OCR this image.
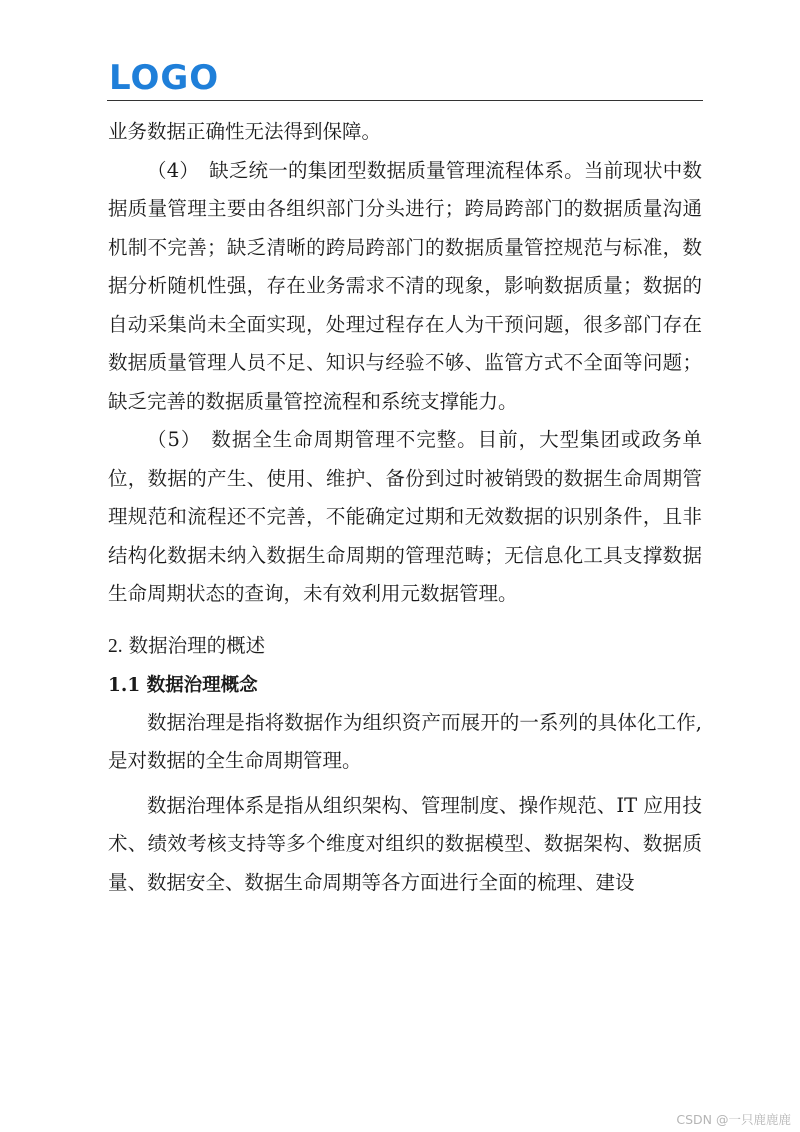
LOGO

业务数据正确性无法得到保障。

（4） 缺乏统一的集团型数据质量管理流程体系。当前现状中数据质量管理主要由各组织部门分头进行；跨局跨部门的数据质量沟通机制不完善；缺乏清晰的跨局跨部门的数据质量管控规范与标准，数据分析随机性强，存在业务需求不清的现象，影响数据质量；数据的自动采集尚未全面实现，处理过程存在人为干预问题，很多部门存在数据质量管理人员不足、知识与经验不够、监管方式不全面等问题；缺乏完善的数据质量管控流程和系统支撑能力。

（5） 数据全生命周期管理不完整。目前，大型集团或政务单位，数据的产生、使用、维护、备份到过时被销毁的数据生命周期管理规范和流程还不完善，不能确定过期和无效数据的识别条件，且非结构化数据未纳入数据生命周期的管理范畴；无信息化工具支撑数据生命周期状态的查询，未有效利用元数据管理。

2. 数据治理的概述
1.1 数据治理概念

数据治理是指将数据作为组织资产而展开的一系列的具体化工作,是对数据的全生命周期管理。

数据治理体系是指从组织架构、管理制度、操作规范、IT 应用技术、绩效考核支持等多个维度对组织的数据模型、数据架构、数据质量、数据安全、数据生命周期等各方面进行全面的梳理、建设

CSDN @一只鹿鹿鹿
